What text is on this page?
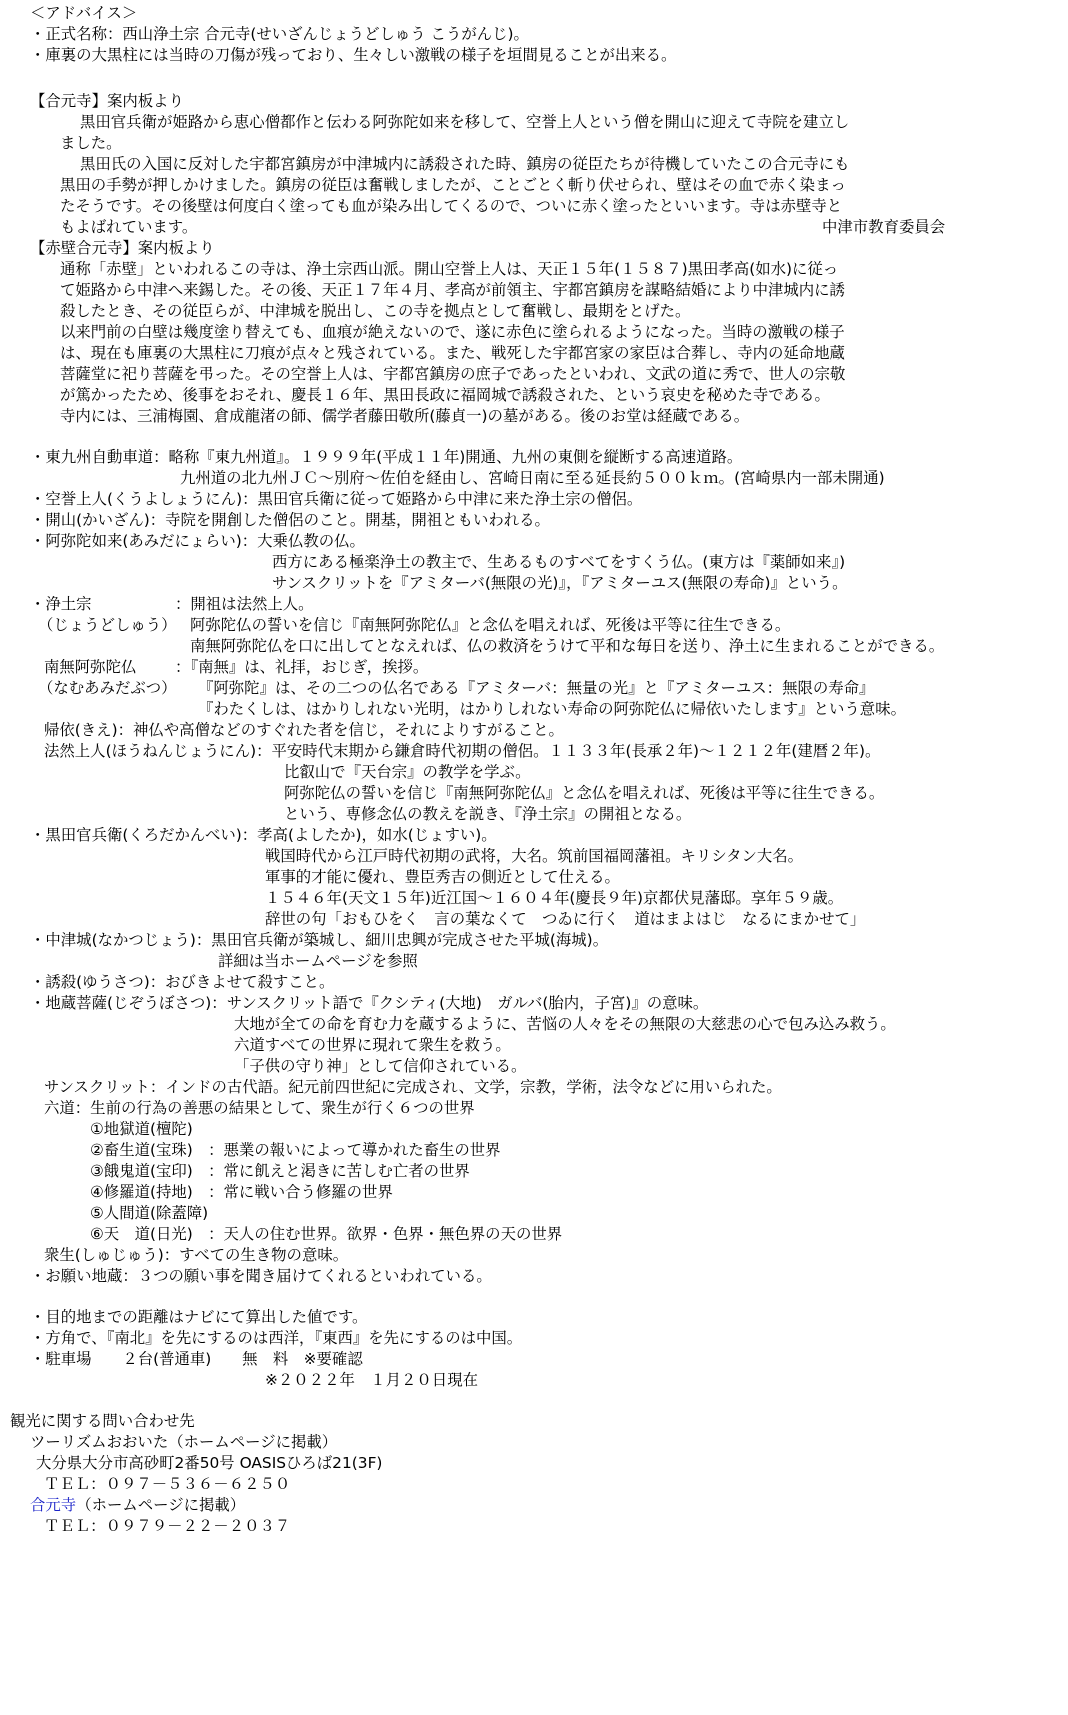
＜アドバイス＞
・正式名称：西山浄土宗 合元寺(せいざんじょうどしゅう こうがんじ)。
・庫裏の大黒柱には当時の刀傷が残っており、生々しい激戦の様子を垣間見ることが出来る。
【合元寺】案内板より
黒田官兵衛が姫路から恵心僧都作と伝わる阿弥陀如来を移して、空誉上人という僧を開山に迎えて寺院を建立し
ました。
黒田氏の入国に反対した宇都宮鎮房が中津城内に誘殺された時、鎮房の従臣たちが待機していたこの合元寺にも
黒田の手勢が押しかけました。鎮房の従臣は奮戦しましたが、ことごとく斬り伏せられ、壁はその血で赤く染まっ
たそうです。その後壁は何度白く塗っても血が染み出してくるので、ついに赤く塗ったといいます。寺は赤壁寺と
もよばれています。	中津市教育委員会
【赤壁合元寺】案内板より
通称「赤壁」といわれるこの寺は、浄土宗西山派。開山空誉上人は、天正１５年(１５８７)黒田孝高(如水)に従っ
て姫路から中津へ来錫した。その後、天正１７年４月、孝高が前領主、宇都宮鎮房を謀略結婚により中津城内に誘
殺したとき、その従臣らが、中津城を脱出し、この寺を拠点として奮戦し、最期をとげた。
以来門前の白壁は幾度塗り替えても、血痕が絶えないので、遂に赤色に塗られるようになった。当時の激戦の様子
は、現在も庫裏の大黒柱に刀痕が点々と残されている。また、戦死した宇都宮家の家臣は合葬し、寺内の延命地蔵
菩薩堂に祀り菩薩を弔った。その空誉上人は、宇都宮鎮房の庶子であったといわれ、文武の道に秀で、世人の宗敬
が篤かったため、後事をおそれ、慶長１６年、黒田長政に福岡城で誘殺された、という哀史を秘めた寺である。
寺内には、三浦梅園、倉成龍渚の師、儒学者藤田敬所(藤貞一)の墓がある。後のお堂は経蔵である。
・東九州自動車道：略称『東九州道』。１９９９年(平成１１年)開通、九州の東側を縦断する高速道路。
九州道の北九州ＪＣ～別府～佐伯を経由し、宮崎日南に至る延長約５００ｋｍ。(宮崎県内一部未開通)
・空誉上人(くうよしょうにん)：黒田官兵衛に従って姫路から中津に来た浄土宗の僧侶。
・開山(かいざん)：寺院を開創した僧侶のこと。開基，開祖ともいわれる。
・阿弥陀如来(あみだにょらい)：大乗仏教の仏。
西方にある極楽浄土の教主で、生あるものすべてをすくう仏。(東方は『薬師如来』)
サンスクリットを『アミターバ(無限の光)』，『アミターユス(無限の寿命)』という。
・浄土宗	：開祖は法然上人。
（じょうどしゅう） 阿弥陀仏の誓いを信じ『南無阿弥陀仏』と念仏を唱えれば、死後は平等に往生できる。
南無阿弥陀仏を口に出してとなえれば、仏の救済をうけて平和な毎日を送り、浄土に生まれることができる。
南無阿弥陀仏	：『南無』は、礼拝，おじぎ，挨拶。
（なむあみだぶつ） 『阿弥陀』は、その二つの仏名である『アミターバ：無量の光』と『アミターユス：無限の寿命』
『わたくしは、はかりしれない光明，はかりしれない寿命の阿弥陀仏に帰依いたします』という意味。
帰依(きえ)：神仏や高僧などのすぐれた者を信じ，それによりすがること。
法然上人(ほうねんじょうにん)：平安時代末期から鎌倉時代初期の僧侶。１１３３年(長承２年)～１２１２年(建暦２年)。
比叡山で『天台宗』の教学を学ぶ。
阿弥陀仏の誓いを信じ『南無阿弥陀仏』と念仏を唱えれば、死後は平等に往生できる。
という、専修念仏の教えを説き、『浄土宗』の開祖となる。
・黒田官兵衛(くろだかんべい)：孝高(よしたか)，如水(じょすい)。
戦国時代から江戸時代初期の武将，大名。筑前国福岡藩祖。キリシタン大名。
軍事的才能に優れ、豊臣秀吉の側近として仕える。
１５４６年(天文１５年)近江国～１６０４年(慶長９年)京都伏見藩邸。享年５９歳。
辞世の句「おもひをく　言の葉なくて　つゐに行く　道はまよはじ　なるにまかせて」
・中津城(なかつじょう)：黒田官兵衛が築城し、細川忠興が完成させた平城(海城)。
詳細は当ホームページを参照
・誘殺(ゆうさつ)：おびきよせて殺すこと。
・地蔵菩薩(じぞうぼさつ)：サンスクリット語で『クシティ(大地)　ガルバ(胎内，子宮)』の意味。
大地が全ての命を育む力を蔵するように、苦悩の人々をその無限の大慈悲の心で包み込み救う。
六道すべての世界に現れて衆生を救う。
「子供の守り神」として信仰されている。
サンスクリット：インドの古代語。紀元前四世紀に完成され、文学，宗教，学術，法令などに用いられた。
六道：生前の行為の善悪の結果として、衆生が行く６つの世界
①地獄道(檀陀)
②畜生道(宝珠)　：悪業の報いによって導かれた畜生の世界
③餓鬼道(宝印)　：常に飢えと渇きに苦しむ亡者の世界
④修羅道(持地)　：常に戦い合う修羅の世界
⑤人間道(除蓋障)
⑥天　道(日光)　：天人の住む世界。欲界・色界・無色界の天の世界
衆生(しゅじゅう)：すべての生き物の意味。
・お願い地蔵：３つの願い事を聞き届けてくれるといわれている。
・目的地までの距離はナビにて算出した値です。
・方角で、『南北』を先にするのは西洋，『東西』を先にするのは中国。
・駐車場　　２台(普通車)　　無　料　※要確認
※２０２２年　１月２０日現在
観光に関する問い合わせ先
ツーリズムおおいた（ホームページに掲載）
大分県大分市高砂町2番50号 OASISひろば21(3F)
ＴＥＬ：０９７－５３６－６２５０
合元寺（ホームページに掲載）
ＴＥＬ：０９７９－２２－２０３７
